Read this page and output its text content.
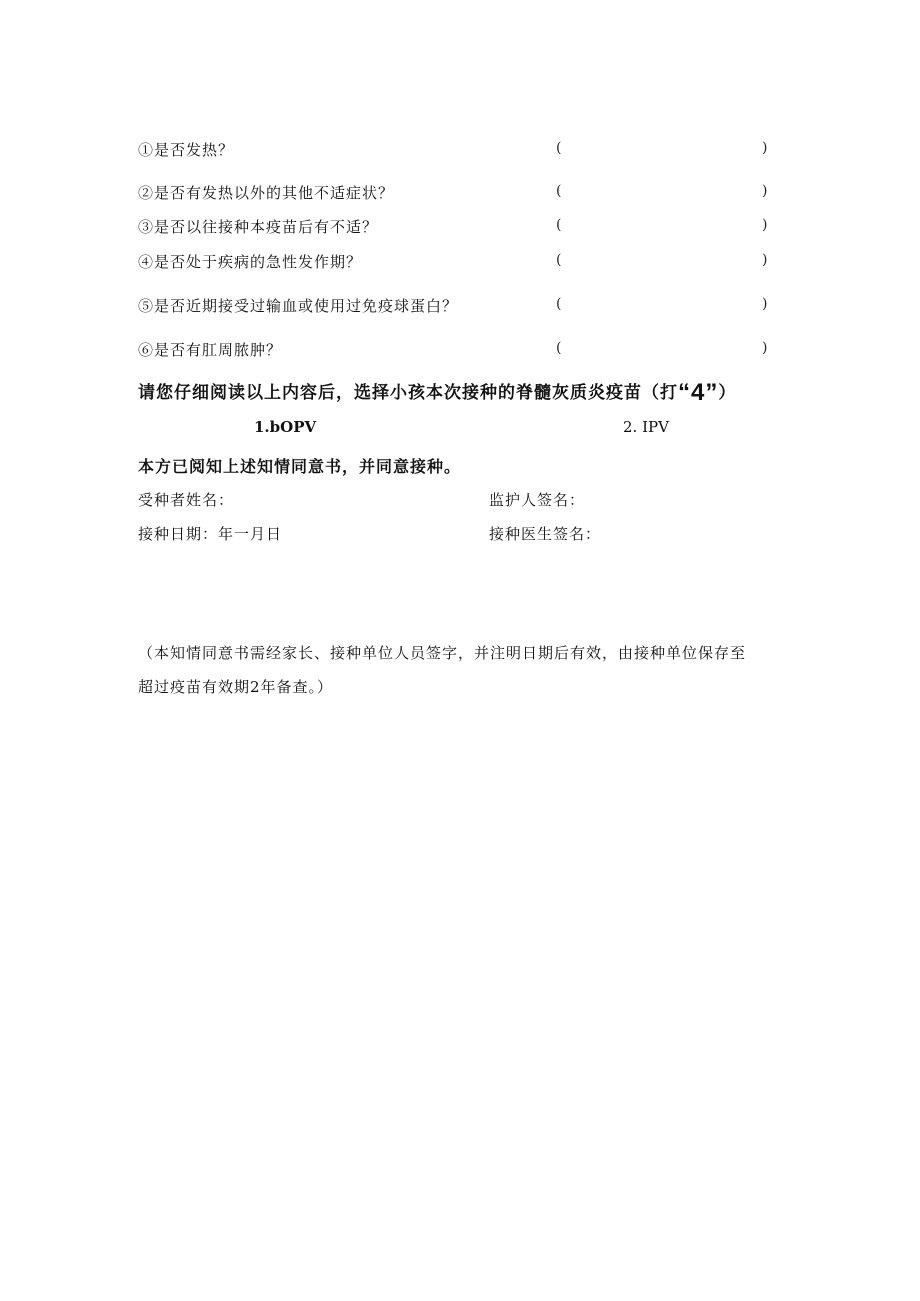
①是否发热？	(	)
②是否有发热以外的其他不适症状？	(	)
③是否以往接种本疫苗后有不适？	(	)
④是否处于疾病的急性发作期？	(	)
⑤是否近期接受过输血或使用过免疫球蛋白？	(	)
⑥是否有肛周脓肿？	(	)
请您仔细阅读以上内容后，选择小孩本次接种的脊髓灰质炎疫苗（打“4”）
1.bOPV	2. IPV
本方已阅知上述知情同意书，并同意接种。
受种者姓名：	监护人签名：
接种日期：年一月日	接种医生签名：
（本知情同意书需经家长、接种单位人员签字，并注明日期后有效，由接种单位保存至
超过疫苗有效期2年备查。）
